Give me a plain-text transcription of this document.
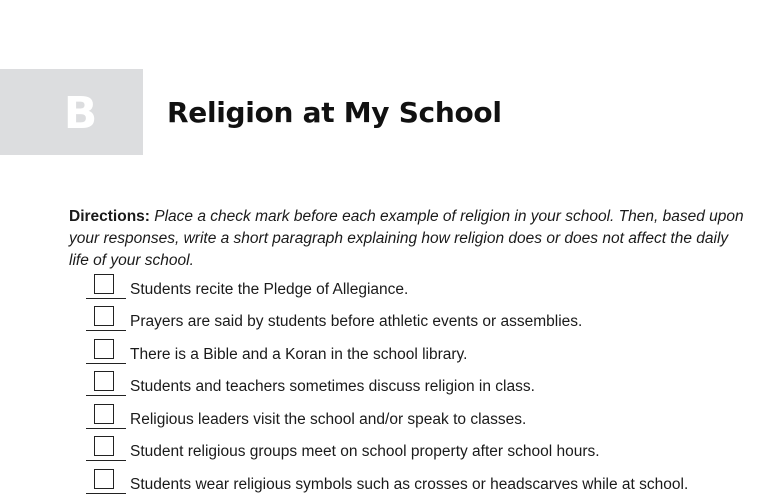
B Religion at My School

Directions: Place a check mark before each example of religion in your school. Then, based upon your responses, write a short paragraph explaining how religion does or does not affect the daily life of your school.

Students recite the Pledge of Allegiance.
Prayers are said by students before athletic events or assemblies.
There is a Bible and a Koran in the school library.
Students and teachers sometimes discuss religion in class.
Religious leaders visit the school and/or speak to classes.
Student religious groups meet on school property after school hours.
Students wear religious symbols such as crosses or headscarves while at school.
